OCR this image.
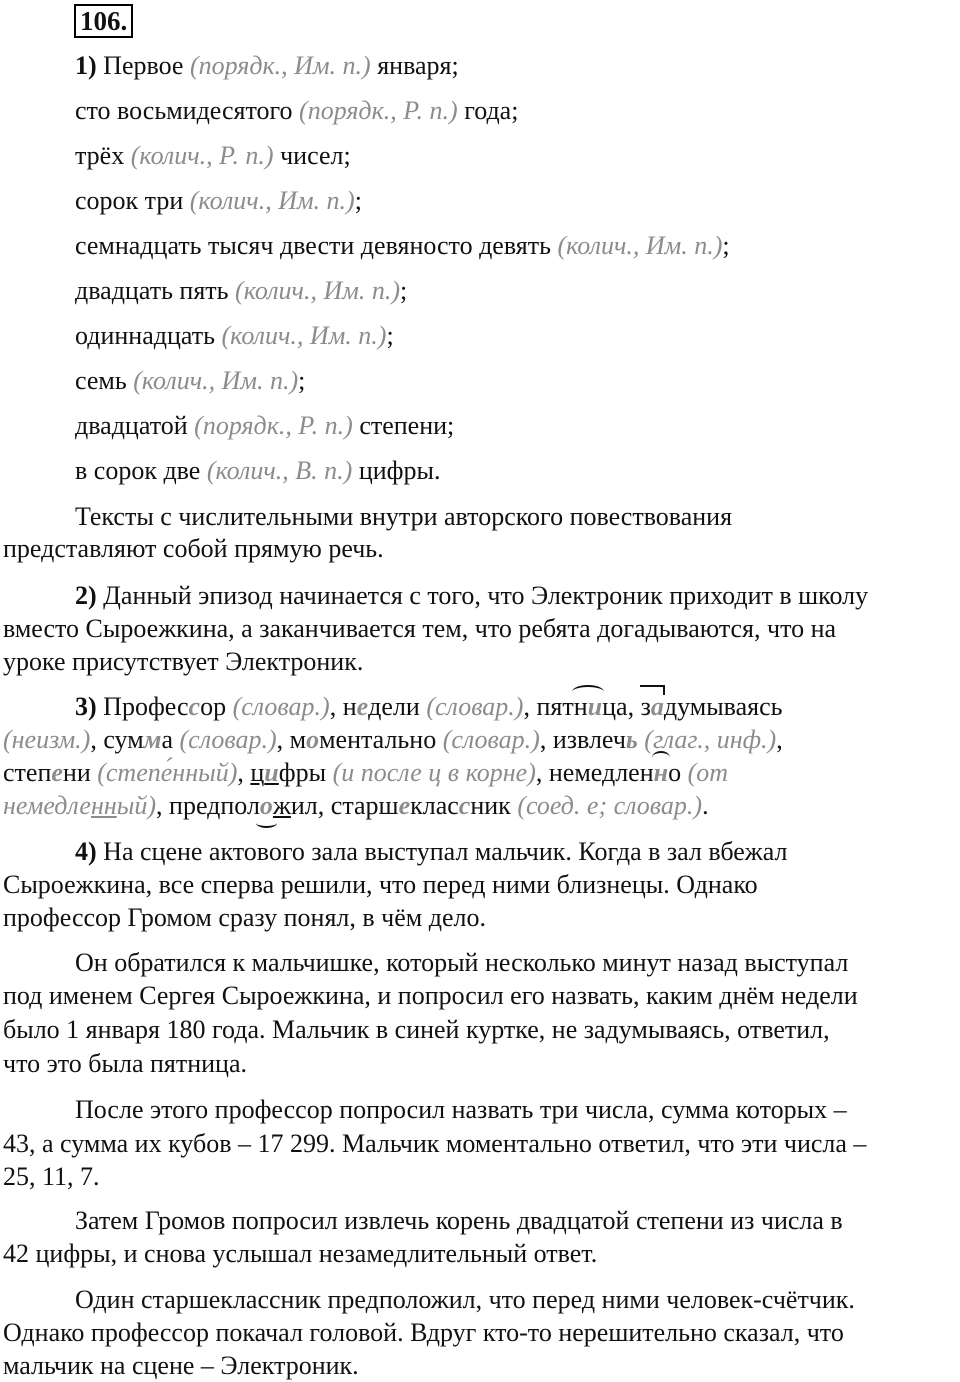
106.
1) Первое (порядк., Им. п.) января;
сто восьмидесятого (порядк., Р. п.) года;
трёх (колич., Р. п.) чисел;
сорок три (колич., Им. п.);
семнадцать тысяч двести девяносто девять (колич., Им. п.);
двадцать пять (колич., Им. п.);
одиннадцать (колич., Им. п.);
семь (колич., Им. п.);
двадцатой (порядк., Р. п.) степени;
в сорок две (колич., В. п.) цифры.
Тексты с числительными внутри авторского повествования
представляют собой прямую речь.
2) Данный эпизод начинается с того, что Электроник приходит в школу
вместо Сыроежкина, а заканчивается тем, что ребята догадываются, что на
уроке присутствует Электроник.
3) Профессор (словар.), недели (словар.), пятница, задумываясь
(неизм.), сумма (словар.), моментально (словар.), извлечь (глаг., инф.),
степени (степе́нный), цифры (и после ц в корне), немедленно (от
немедленный), предположил, старшеклассник (соед. е; словар.).
4) На сцене актового зала выступал мальчик. Когда в зал вбежал
Сыроежкина, все сперва решили, что перед ними близнецы. Однако
профессор Громом сразу понял, в чём дело.
Он обратился к мальчишке, который несколько минут назад выступал
под именем Сергея Сыроежкина, и попросил его назвать, каким днём недели
было 1 января 180 года. Мальчик в синей куртке, не задумываясь, ответил,
что это была пятница.
После этого профессор попросил назвать три числа, сумма которых –
43, а сумма их кубов – 17 299. Мальчик моментально ответил, что эти числа –
25, 11, 7.
Затем Громов попросил извлечь корень двадцатой степени из числа в
42 цифры, и снова услышал незамедлительный ответ.
Один старшеклассник предположил, что перед ними человек-счётчик.
Однако профессор покачал головой. Вдруг кто-то нерешительно сказал, что
мальчик на сцене – Электроник.
